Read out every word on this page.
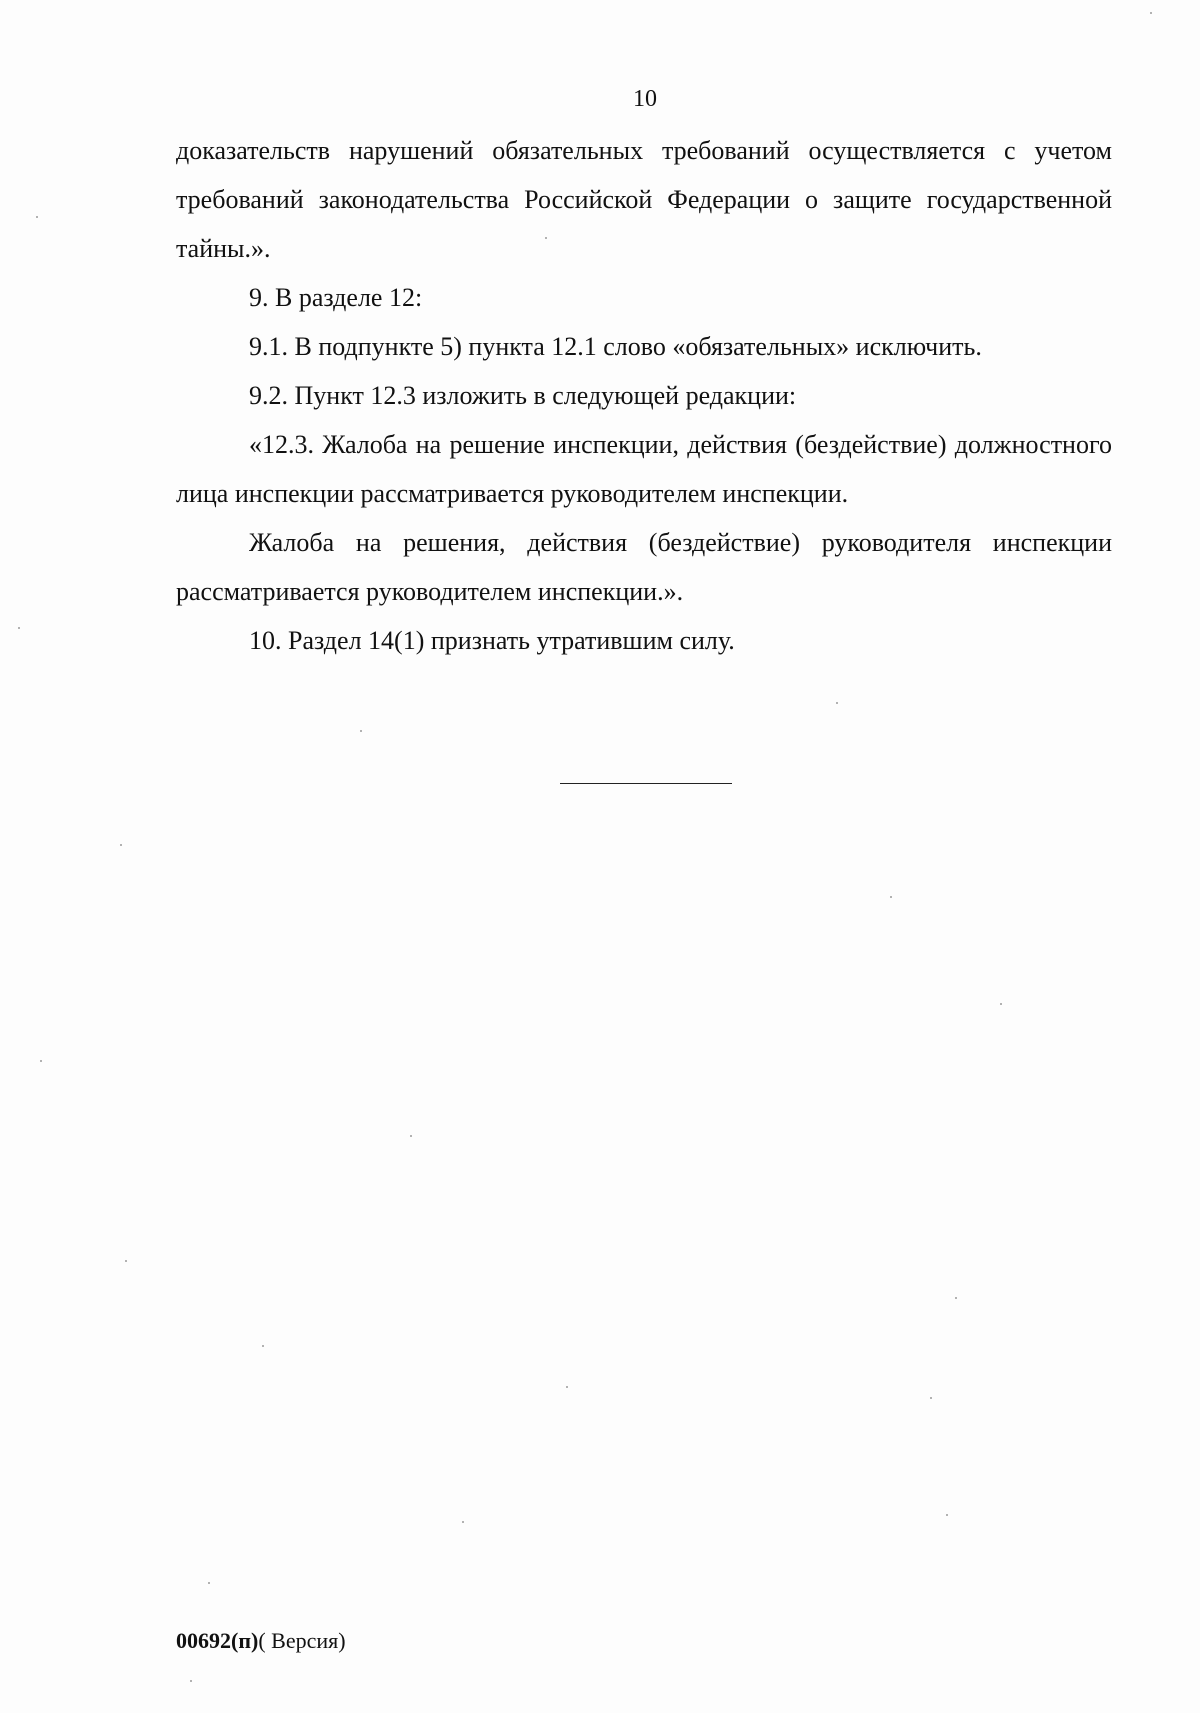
10

доказательств нарушений обязательных требований осуществляется с учетом требований законодательства Российской Федерации о защите государственной тайны.».

9. В разделе 12:

9.1. В подпункте 5) пункта 12.1 слово «обязательных» исключить.

9.2. Пункт 12.3 изложить в следующей редакции:

«12.3. Жалоба на решение инспекции, действия (бездействие) должностного лица инспекции рассматривается руководителем инспекции.

Жалоба на решения, действия (бездействие) руководителя инспекции рассматривается руководителем инспекции.».

10. Раздел 14(1) признать утратившим силу.

00692(п)( Версия)
